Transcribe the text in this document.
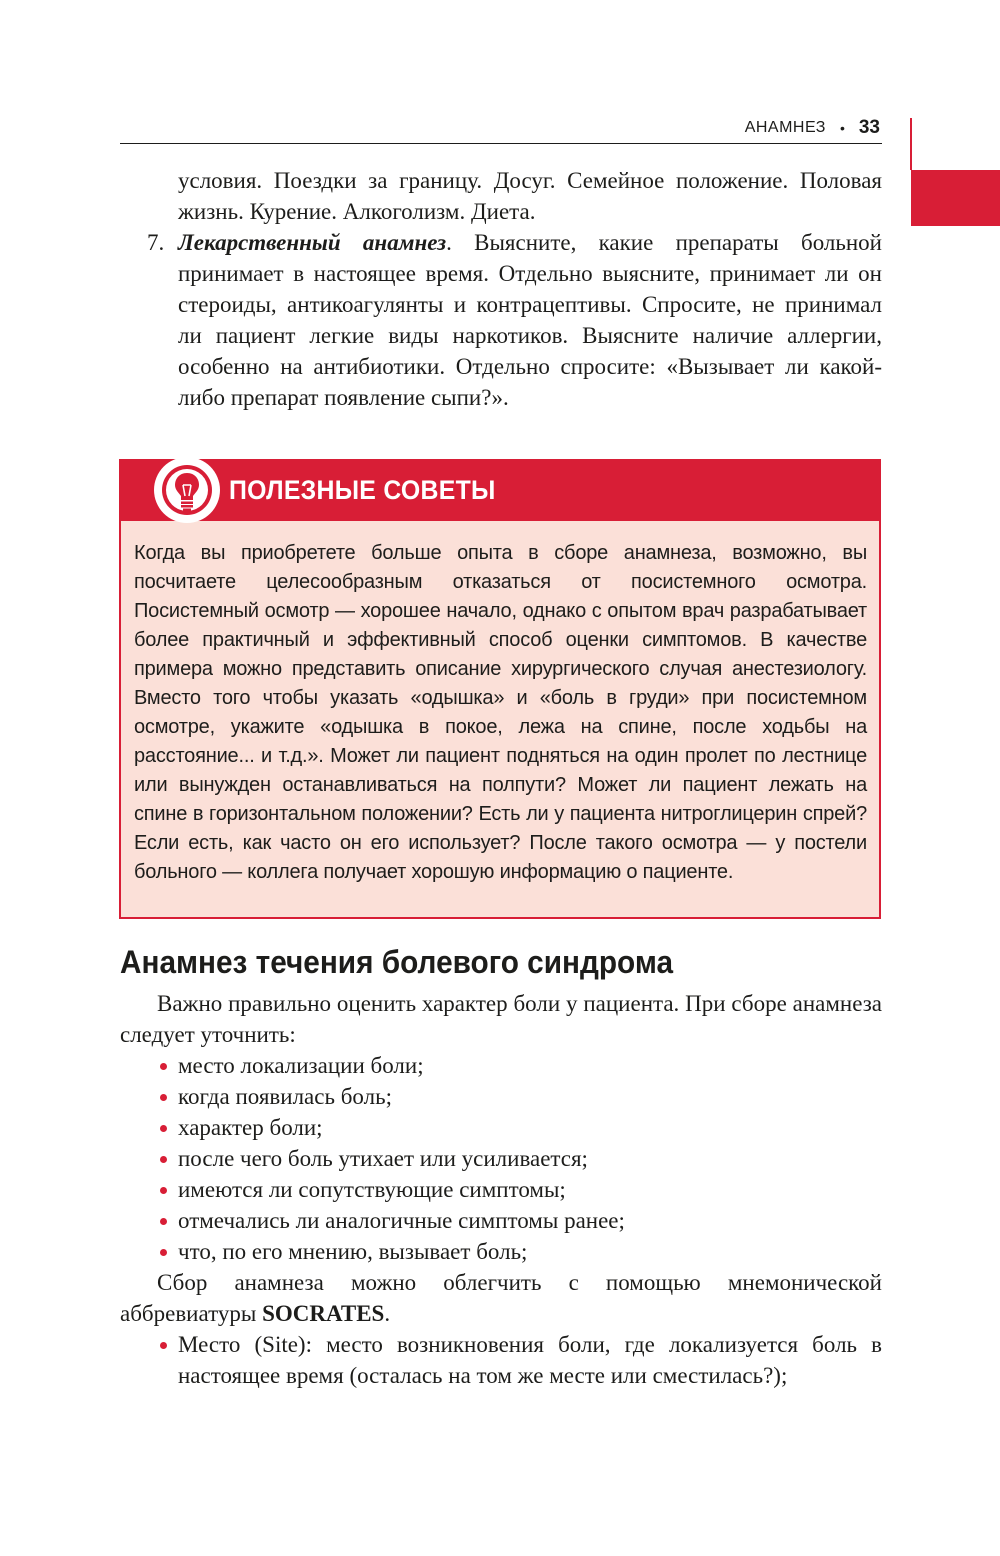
АНАМНЕЗ • 33
условия. Поездки за границу. Досуг. Семейное положение. Половая жизнь. Курение. Алкоголизм. Диета.
7. Лекарственный анамнез. Выясните, какие препараты больной принимает в настоящее время. Отдельно выясните, принимает ли он стероиды, антикоагулянты и контрацептивы. Спросите, не принимал ли пациент легкие виды наркотиков. Выясните наличие аллергии, особенно на антибиотики. Отдельно спросите: «Вызывает ли какой-либо препарат появление сыпи?».
ПОЛЕЗНЫЕ СОВЕТЫ
Когда вы приобретете больше опыта в сборе анамнеза, возможно, вы посчитаете целесообразным отказаться от посистемного осмотра. Посистемный осмотр — хорошее начало, однако с опытом врач разрабатывает более практичный и эффективный способ оценки симптомов. В качестве примера можно представить описание хирургического случая анестезиологу. Вместо того чтобы указать «одышка» и «боль в груди» при посистемном осмотре, укажите «одышка в покое, лежа на спине, после ходьбы на расстояние... и т.д.». Может ли пациент подняться на один пролет по лестнице или вынужден останавливаться на полпути? Может ли пациент лежать на спине в горизонтальном положении? Есть ли у пациента нитроглицерин спрей? Если есть, как часто он его использует? После такого осмотра — у постели больного — коллега получает хорошую информацию о пациенте.
Анамнез течения болевого синдрома
Важно правильно оценить характер боли у пациента. При сборе анамнеза следует уточнить:
место локализации боли;
когда появилась боль;
характер боли;
после чего боль утихает или усиливается;
имеются ли сопутствующие симптомы;
отмечались ли аналогичные симптомы ранее;
что, по его мнению, вызывает боль;
Сбор анамнеза можно облегчить с помощью мнемонической аббревиатуры SOCRATES.
Место (Site): место возникновения боли, где локализуется боль в настоящее время (осталась на том же месте или сместилась?);
